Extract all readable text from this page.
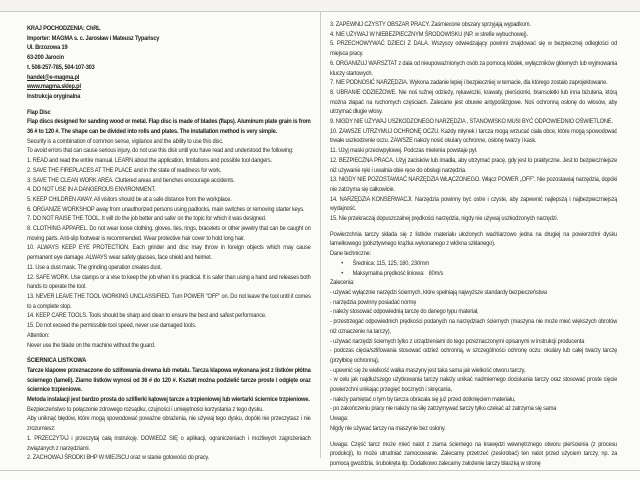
KRAJ POCHODZENIA: ChRL
Importer: MAGMA s. c. Jarosław i Mateusz Typańscy
Ul. Brzozowa 19
63-200 Jarocin
t. 508-257-785, 504-107-303
handel@e-magma.pl
www.magma.sklep.pl
Instrukcja oryginalna
Flap Disc
Flap discs designed for sanding wood or metal. Flap disc is made of blades (flaps). Aluminum plate grain is from 36 # to 120 #. The shape can be divided into rolls and plates. The installation method is very simple.
Security is a combination of common sense, vigilance and the ability to use this disc.
To avoid errors that can cause serious injury, do not use this disk until you have read and understood the following:
1. READ and read the entire manual. LEARN about the application, limitations and possible tool dangers.
2. SAVE THE FIREPLACES AT THE PLACE and in the state of readiness for work.
3. SAVE THE CLEAN WORK AREA. Cluttered areas and benches encourage accidents.
4. DO NOT USE IN A DANGEROUS ENVIRONMENT.
5. KEEP CHILDREN AWAY. All visitors should be at a safe distance from the workplace.
6. ORGANIZE WORKSHOP away from unauthorized persons using padlocks, main switches or removing starter keys.
7. DO NOT RAISE THE TOOL. It will do the job better and safer on the topic for which it was designed.
8. CLOTHING APPAREL. Do not wear loose clothing, gloves, ties, rings, bracelets or other jewelry that can be caught on moving parts. Anti-slip footwear is recommended. Wear protective hair cover to hold long hair.
10. ALWAYS KEEP EYE PROTECTION. Each grinder and disc may throw in foreign objects which may cause permanent eye damage. ALWAYS wear safety glasses, face shield and helmet.
11. Use a dust mask. The grinding operation creates dust.
12. SAFE WORK. Use clamps or a vise to keep the job when it is practical. It is safer than using a hand and releases both hands to operate the tool.
13. NEVER LEAVE THE TOOL WORKING UNCLASSIFIED. Turn POWER "OFF" on. Do not leave the tool until it comes to a complete stop.
14. KEEP CARE TOOLS. Tools should be sharp and clean to ensure the best and safest performance.
15. Do not exceed the permissible tool speed, never use damaged tools.
Attention:
Never use the blade on the machine without the guard.
ŚCIERNICA LISTKOWA
Tarcze klapowe przeznaczone do szlifowania drewna lub metalu. Tarcza klapowa wykonana jest z listków płótna ściernego (lameli). Ziarno listków wynosi od 36 # do 120 #. Kształt można podzielić tarcze proste i odgięte oraz ściernice trzpieniowe.
Metoda instalacji jest bardzo prosta do szlifierki kątowej tarcze a trzpieniowej lub wiertarki ściernice trzpieniowe.
Bezpieczeństwo to połączenie zdrowego rozsądku, czujności i umiejętności korzystania z tego dysku.
Aby uniknąć błędów, które mogą spowodować poważne obrażenia, nie używaj tego dysku, dopóki nie przeczytasz i nie zrozumiesz:
1. PRZECZYTAJ i przeczytaj całą instrukcję. DOWIEDZ SIĘ o aplikacji, ograniczeniach i możliwych zagrożeniach związanych z narzędziami.
2. ZACHOWAJ ŚRODKI BHP W MIEJSCU oraz w stanie gotowości do pracy.
3. ZAPEWNIJ CZYSTY OBSZAR PRACY. Zaśmiecone obszary sprzyjają wypadkom.
4. NIE UŻYWAJ W NIEBEZPIECZNYM ŚRODOWISKU (NP. w strefie wybuchowej).
5. PRZECHOWYWAĆ DZIECI Z DALA. Wszyscy odwiedzający powinni znajdować się w bezpiecznej odległości od miejsca pracy.
6. ORGANIZUJ WARSZTAT z dala od nieupoważnionych osób za pomocą kłódek, wyłączników głównych lub wyjmowania kluczy startowych.
7. NIE PODNOSIĆ NARZĘDZIA. Wykona zadanie lepiej i bezpieczniej w temacie, dla którego zostało zaprojektowane.
8. UBRANIE ODZIEŻOWE. Nie noś luźnej odzieży, rękawiczki, krawaty, pierścionki, bransoletki lub inna biżuteria, którą można złapać na ruchomych częściach. Zalecane jest obuwie antypoślizgowe. Noś ochronną osłonę do włosów, aby utrzymać długie włosy.
9. NIGDY NIE UŻYWAJ USZKODZONEGO NARZĘDZIA , STANOWISKO MUSI BYĆ ODPOWIEDNIO OŚWIETLONE.
10. ZAWSZE UTRZYMUJ OCHRONĘ OCZU. Każdy młynek i tarcza mogą wrzucać ciała obce, które mogą spowodować trwałe uszkodzenie oczu. ZAWSZE należy nosić okulary ochronne, osłonę twarzy i kask.
11. Użyj maski przeciwpyłowej. Podczas mielenia powstaje pył.
12. BEZPIECZNA PRACA. Użyj zacisków lub imadła, aby utrzymać pracę, gdy jest to praktyczne. Jest to bezpieczniejsze niż używanie ręki i uwalnia obie ręce do obsługi narzędzia.
13. NIGDY NIE POZOSTAWIAĆ NARZĘDZIA WŁĄCZONEGO. Włącz POWER „OFF”. Nie pozostawiaj narzędzia, dopóki nie zatrzyma się całkowicie.
14. NARZĘDZIA KONSERWACJI. Narzędzia powinny być ostre i czyste, aby zapewnić najlepszą i najbezpieczniejszą wydajność.
15. Nie przekraczaj dopuszczalnej prędkości narzędzia, nigdy nie używaj uszkodzonych narzędzi.
Powierzchnia tarczy składa się z listków materiału ułożonych wachlarzowo jedna na drugiej na powierzchni dysku lamelkowego (półsztywnego krążka wykonanego z włókna szklanego).
Dane techniczne:
• Średnica: 115, 125, 180, 230mm
• Maksymalna prędkość liniowa:   80m/s
Zalecenia:
- używać wyłącznie narzędzi ściernych, które spełniają najwyższe standardy bezpieczeństwa
- narzędzia powinny posiadać normę
- należy stosować odpowiednią tarczę do danego typu materiał,
- przestrzegać odpowiednich prędkości podanych na narzędziach ściernych (maszyna nie może mieć większych obrotów niż oznaczenie na tarczy),
- używać narzędzi ściernych tylko z urządzeniami do tego przeznaczonymi opisanymi w instrukcji producenta
- podczas cięcia/szlifowania stosować odzież ochronną, w szczególności ochronę oczu: okulary lub całej twarzy tarczę (przyłbicę ochronną),
- upewnić się że wielkość wałka maszyny jest taka sama jak wielkość otworu tarczy,
- w celu jak najdłuższego użytkowania tarczy należy unikać nadmiernego dociskania tarczy oraz stosować proste cięcie powierzchni unikając przegięć bocznych i skręcania,
- należy pamiętać o tym by tarcza obracała się już przed dotknięciem materiału,
- po zakończeniu pracy nie należy na siłę zatrzymywać tarczy tylko czekać aż zatrzyma się sama
Uwaga:
Nigdy nie używać tarczy na maszynie bez osłony.
Uwaga: Część tarcz może mieć nalot z ziarna ściernego na krawędzi wewnętrznego otworu pierścienia (z procesu produkcji), to może utrudniać zamocowanie. Zalecamy przetrzeć (zeskrobać) ten nalot przed użyciem tarczy, np. za pomocą gwoździa, śrubokręta itp. Dodatkowo zalecamy założenie tarczy blaszką w stronę
